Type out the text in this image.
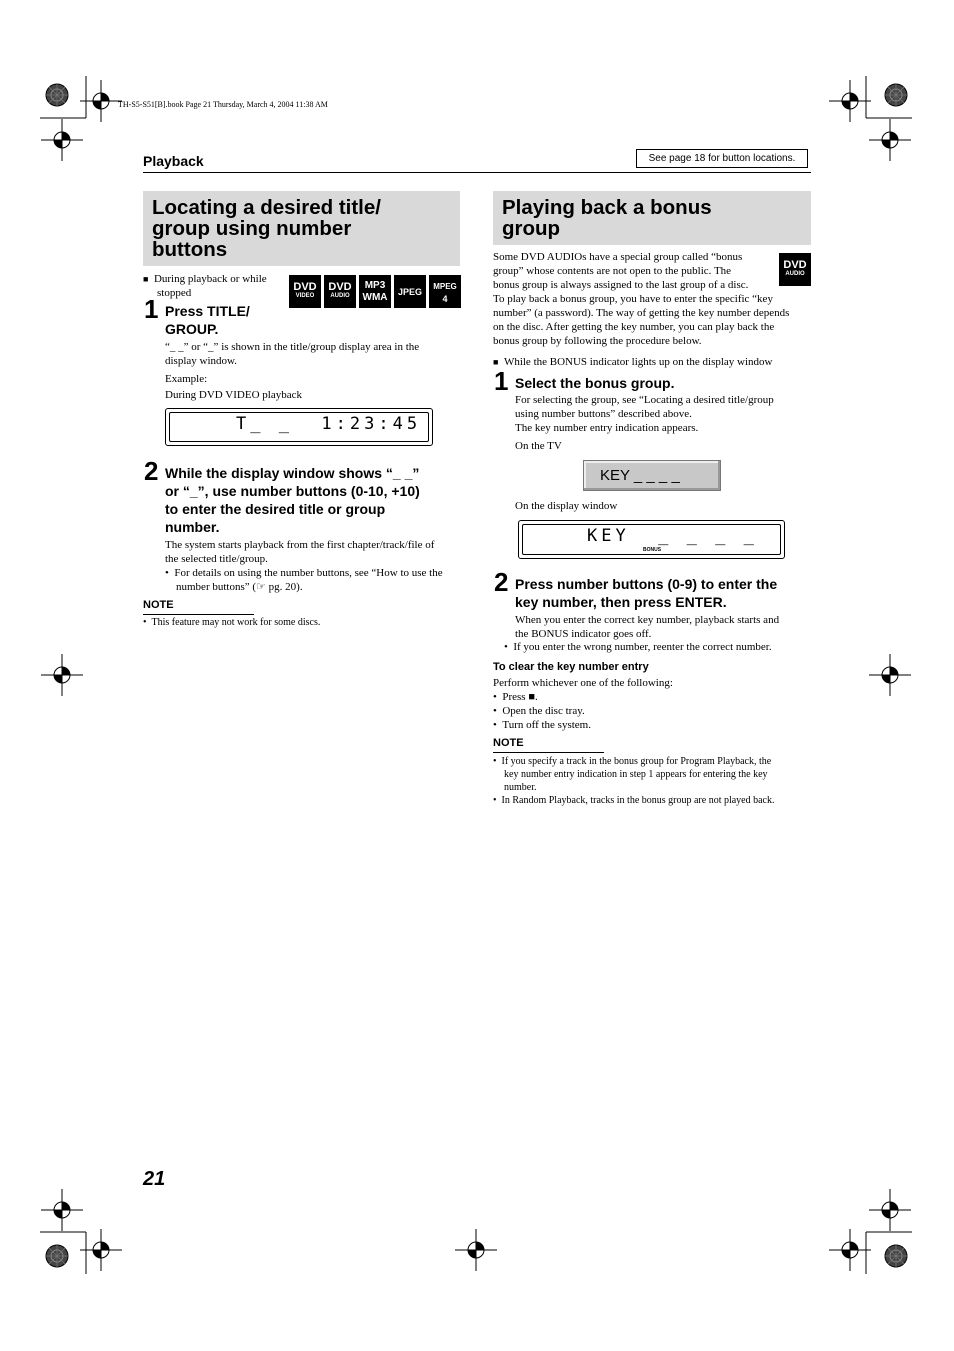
TH-S5-S51[B].book Page 21 Thursday, March 4, 2004 11:38 AM
Playback	See page 18 for button locations.
Locating a desired title/
group using number
buttons
■ During playback or while
stopped	DVD
VIDEO
DVD
AUDIO
MP3
WMA	JPEG
MPEG
4
1 Press TITLE/
GROUP.
“_ _” or “_” is shown in the title/group display area in the
display window.
Example:
During DVD VIDEO playback
T_ _  1:23:45
2 While the display window shows “_ _”
or “_”, use number buttons (0-10, +10)
to enter the desired title or group
number.
The system starts playback from the first chapter/track/file of
the selected title/group.
•  For details on using the number buttons, see “How to use the
number buttons” (☞ pg. 20).
NOTE
•  This feature may not work for some discs.
Playing back a bonus
group
DVD
AUDIO
Some DVD AUDIOs have a special group called “bonus
group” whose contents are not open to the public. The
bonus group is always assigned to the last group of a disc.
To play back a bonus group, you have to enter the specific “key
number” (a password). The way of getting the key number depends
on the disc. After getting the key number, you can play back the
bonus group by following the procedure below.
■ While the BONUS indicator lights up on the display window
1 Select the bonus group.
For selecting the group, see “Locating a desired title/group
using number buttons” described above.
The key number entry indication appears.
On the TV
KEY _ _ _ _
On the display window
KEY  _ _ _ _
BONUS
2 Press number buttons (0-9) to enter the
key number, then press ENTER.
When you enter the correct key number, playback starts and
the BONUS indicator goes off.
•  If you enter the wrong number, reenter the correct number.
To clear the key number entry
Perform whichever one of the following:
•  Press ■.
•  Open the disc tray.
•  Turn off the system.
NOTE
•  If you specify a track in the bonus group for Program Playback, the
key number entry indication in step 1 appears for entering the key
number.
•  In Random Playback, tracks in the bonus group are not played back.
21
